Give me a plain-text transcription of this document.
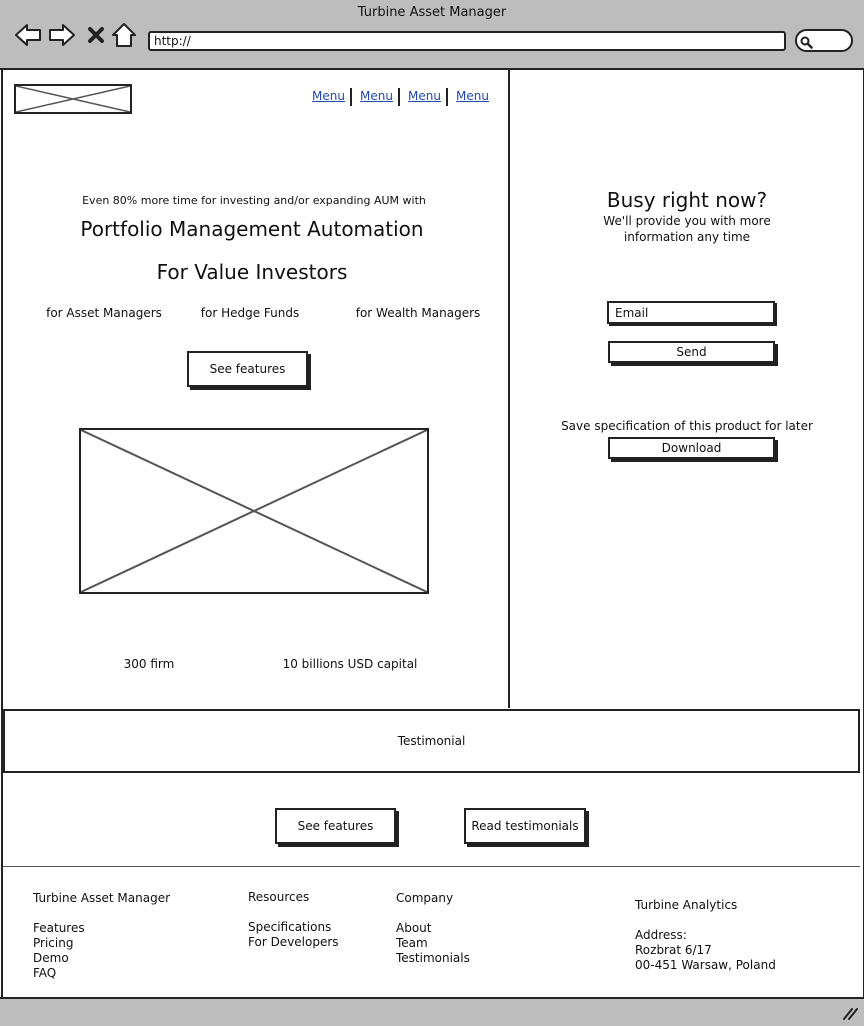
Turbine Asset Manager
http://
Menu Menu Menu Menu
Even 80% more time for investing and/or expanding AUM with
Portfolio Management Automation
For Value Investors
for Asset Managers	for Hedge Funds	for Wealth Managers
See features
300 firm	10 billions USD capital
Busy right now?
We'll provide you with more
information any time
Email
Send
Save specification of this product for later
Download
Testimonial
See features	Read testimonials
Turbine Asset Manager
Features
Pricing
Demo
FAQ
Resources
Specifications
For Developers
Company
About
Team
Testimonials
Turbine Analytics
Address:
Rozbrat 6/17
00-451 Warsaw, Poland
